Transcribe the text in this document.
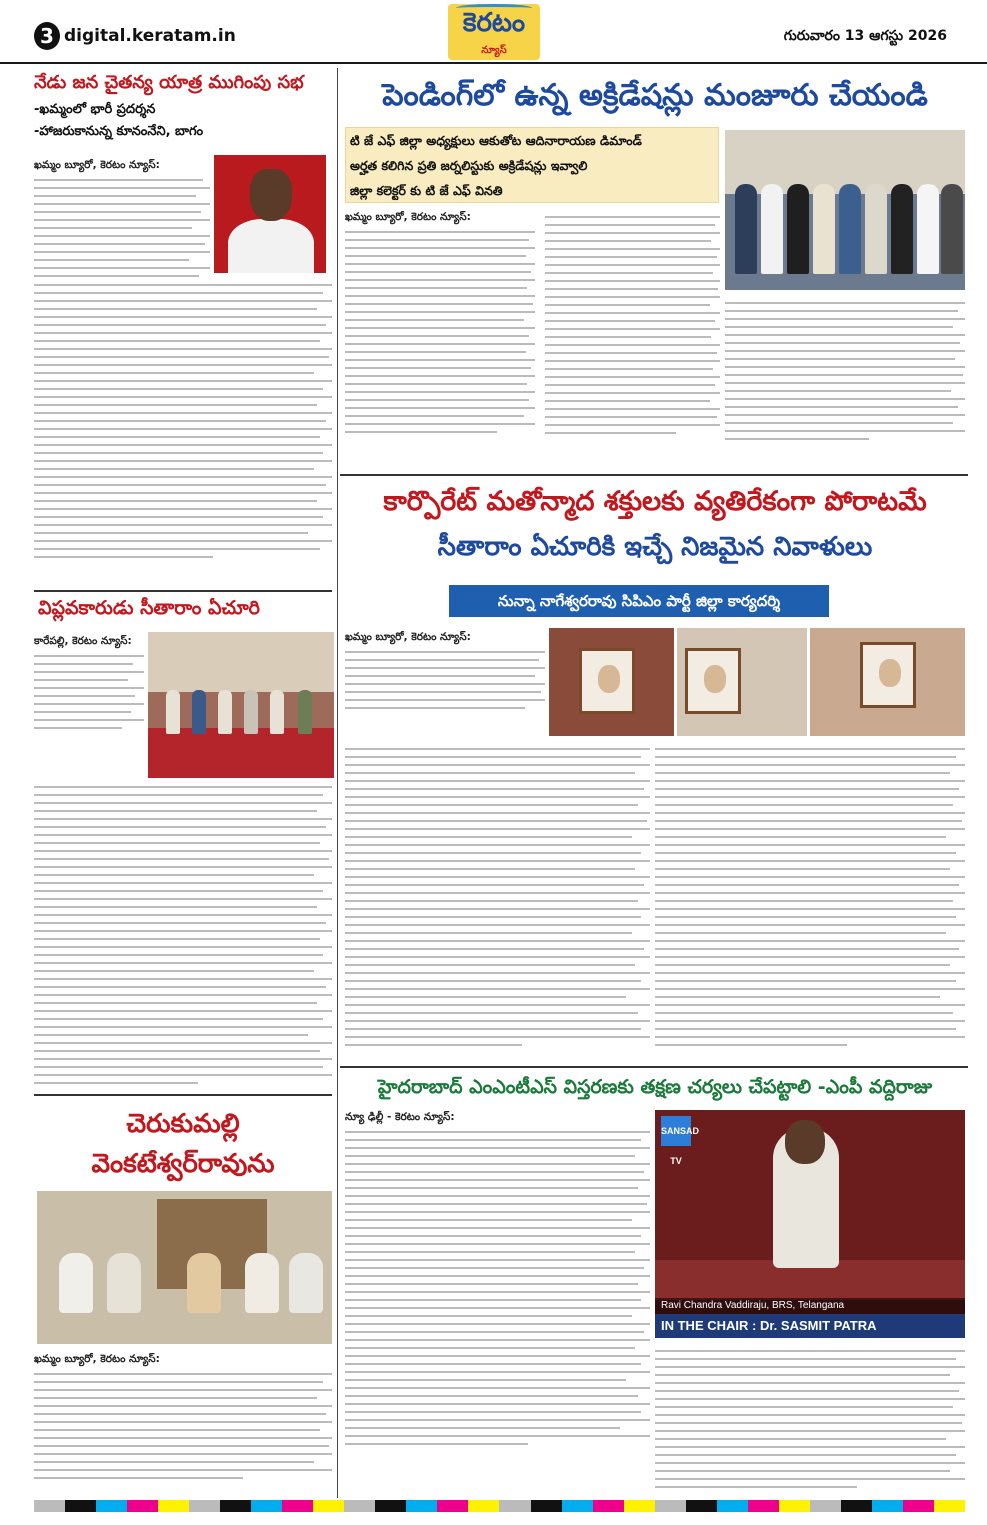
3 digital.keratam.in	కెరటం
న్యూస్
గురువారం 13 ఆగస్టు 2026
నేడు జన చైతన్య యాత్ర ముగింపు సభ
-ఖమ్మంలో భారీ ప్రదర్శన
-హాజరుకానున్న కూనంనేని, బాగం
ఖమ్మం బ్యూరో, కెరటం న్యూస్:
విప్లవకారుడు సీతారాం ఏచూరి
కారేపల్లి, కెరటం న్యూస్:
చెరుకుమల్లి వెంకటేశ్వర్‌రావును
ఖమ్మం బ్యూరో, కెరటం న్యూస్:
పెండింగ్‌లో ఉన్న అక్రిడేషన్లు మంజూరు చేయండి
టి జే ఎఫ్ జిల్లా అధ్యక్షులు ఆకుతోట ఆదినారాయణ డిమాండ్
అర్హత కలిగిన ప్రతి జర్నలిస్టుకు అక్రిడేషన్లు ఇవ్వాలి
జిల్లా కలెక్టర్ కు టి జే ఎఫ్ వినతి
ఖమ్మం బ్యూరో, కెరటం న్యూస్:
కార్పొరేట్ మతోన్మాద శక్తులకు వ్యతిరేకంగా పోరాటమే
సీతారాం ఏచూరికి ఇచ్చే నిజమైన నివాళులు
నున్నా నాగేశ్వరరావు సిపిఎం పార్టీ జిల్లా కార్యదర్శి
ఖమ్మం బ్యూరో, కెరటం న్యూస్:
హైదరాబాద్ ఎంఎంటీఎస్ విస్తరణకు తక్షణ చర్యలు చేపట్టాలి -ఎంపీ వద్దిరాజు
న్యూ ఢిల్లీ - కెరటం న్యూస్:
SANSAD TV
Ravi Chandra Vaddiraju, BRS, Telangana
IN THE CHAIR : Dr. SASMIT PATRA
